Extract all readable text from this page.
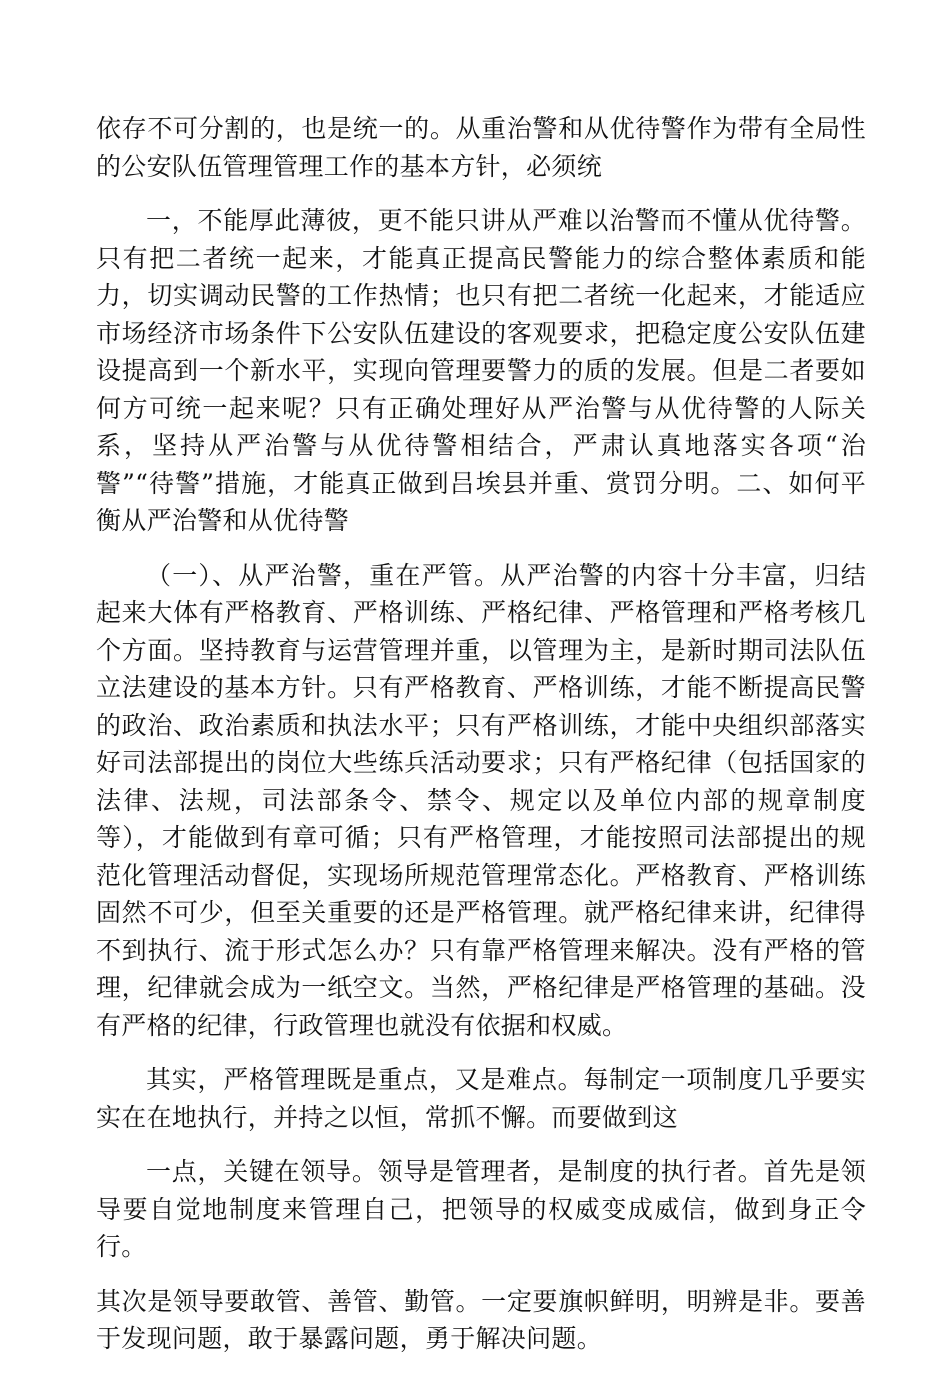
依存不可分割的，也是统一的。从重治警和从优待警作为带有全局性的公安队伍管理管理工作的基本方针，必须统

一，不能厚此薄彼，更不能只讲从严难以治警而不懂从优待警。只有把二者统一起来，才能真正提高民警能力的综合整体素质和能力，切实调动民警的工作热情；也只有把二者统一化起来，才能适应市场经济市场条件下公安队伍建设的客观要求，把稳定度公安队伍建设提高到一个新水平，实现向管理要警力的质的发展。但是二者要如何方可统一起来呢？只有正确处理好从严治警与从优待警的人际关系，坚持从严治警与从优待警相结合，严肃认真地落实各项“治警”“待警”措施，才能真正做到吕埃县并重、赏罚分明。二、如何平衡从严治警和从优待警

（一）、从严治警，重在严管。从严治警的内容十分丰富，归结起来大体有严格教育、严格训练、严格纪律、严格管理和严格考核几个方面。坚持教育与运营管理并重，以管理为主，是新时期司法队伍立法建设的基本方针。只有严格教育、严格训练，才能不断提高民警的政治、政治素质和执法水平；只有严格训练，才能中央组织部落实好司法部提出的岗位大些练兵活动要求；只有严格纪律（包括国家的法律、法规，司法部条令、禁令、规定以及单位内部的规章制度等），才能做到有章可循；只有严格管理，才能按照司法部提出的规范化管理活动督促，实现场所规范管理常态化。严格教育、严格训练固然不可少，但至关重要的还是严格管理。就严格纪律来讲，纪律得不到执行、流于形式怎么办？只有靠严格管理来解决。没有严格的管理，纪律就会成为一纸空文。当然，严格纪律是严格管理的基础。没有严格的纪律，行政管理也就没有依据和权威。

其实，严格管理既是重点，又是难点。每制定一项制度几乎要实实在在地执行，并持之以恒，常抓不懈。而要做到这

一点，关键在领导。领导是管理者，是制度的执行者。首先是领导要自觉地制度来管理自己，把领导的权威变成威信，做到身正令行。

其次是领导要敢管、善管、勤管。一定要旗帜鲜明，明辨是非。要善于发现问题，敢于暴露问题，勇于解决问题。
